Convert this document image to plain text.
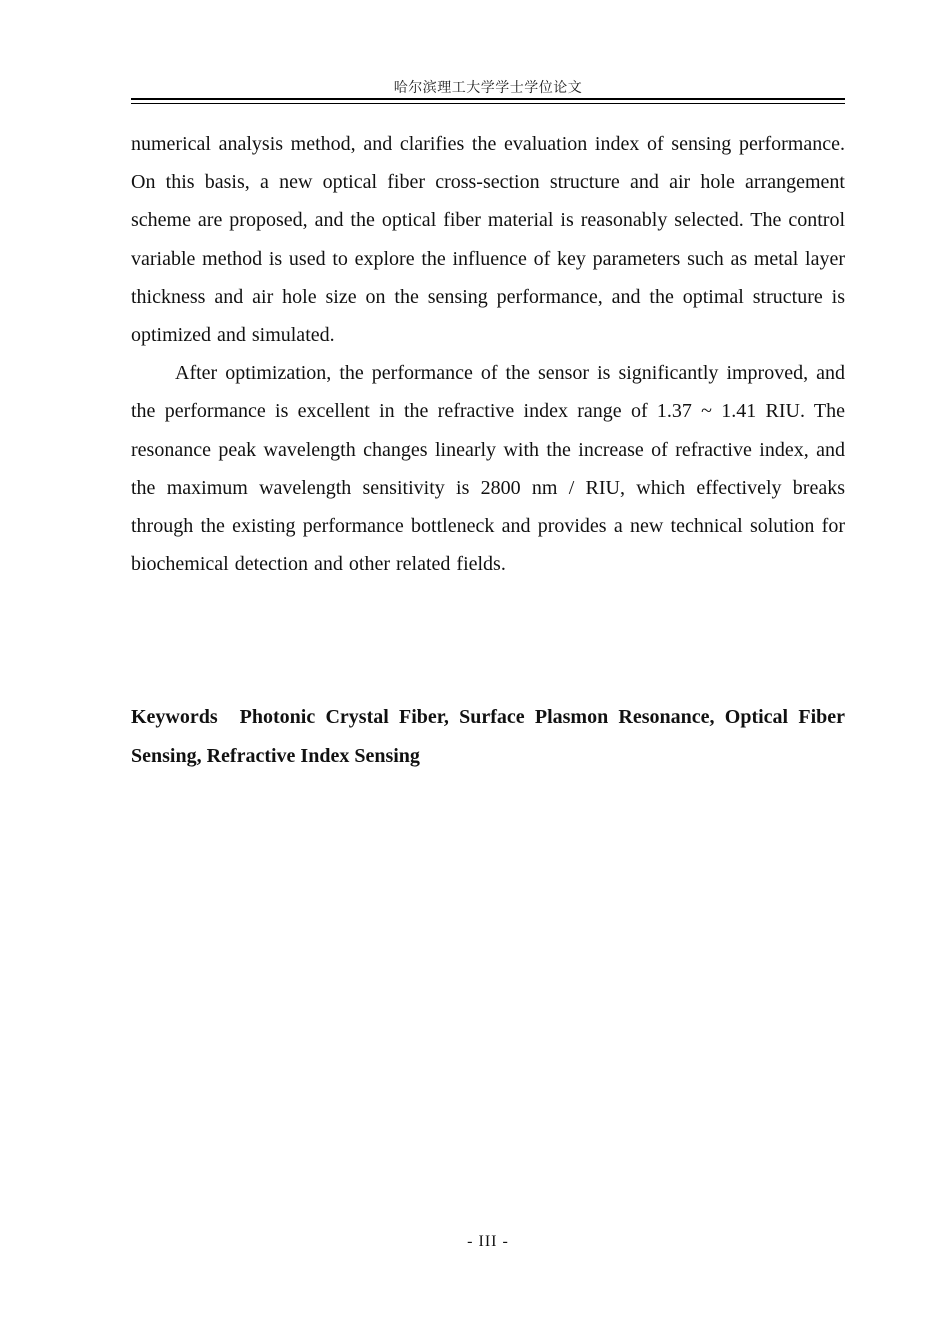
哈尔滨理工大学学士学位论文

numerical analysis method, and clarifies the evaluation index of sensing performance. On this basis, a new optical fiber cross-section structure and air hole arrangement scheme are proposed, and the optical fiber material is reasonably selected. The control variable method is used to explore the influence of key parameters such as metal layer thickness and air hole size on the sensing performance, and the optimal structure is optimized and simulated.

After optimization, the performance of the sensor is significantly improved, and the performance is excellent in the refractive index range of 1.37 ~ 1.41 RIU. The resonance peak wavelength changes linearly with the increase of refractive index, and the maximum wavelength sensitivity is 2800 nm / RIU, which effectively breaks through the existing performance bottleneck and provides a new technical solution for biochemical detection and other related fields.

Keywords Photonic Crystal Fiber, Surface Plasmon Resonance, Optical Fiber Sensing, Refractive Index Sensing
- III -
